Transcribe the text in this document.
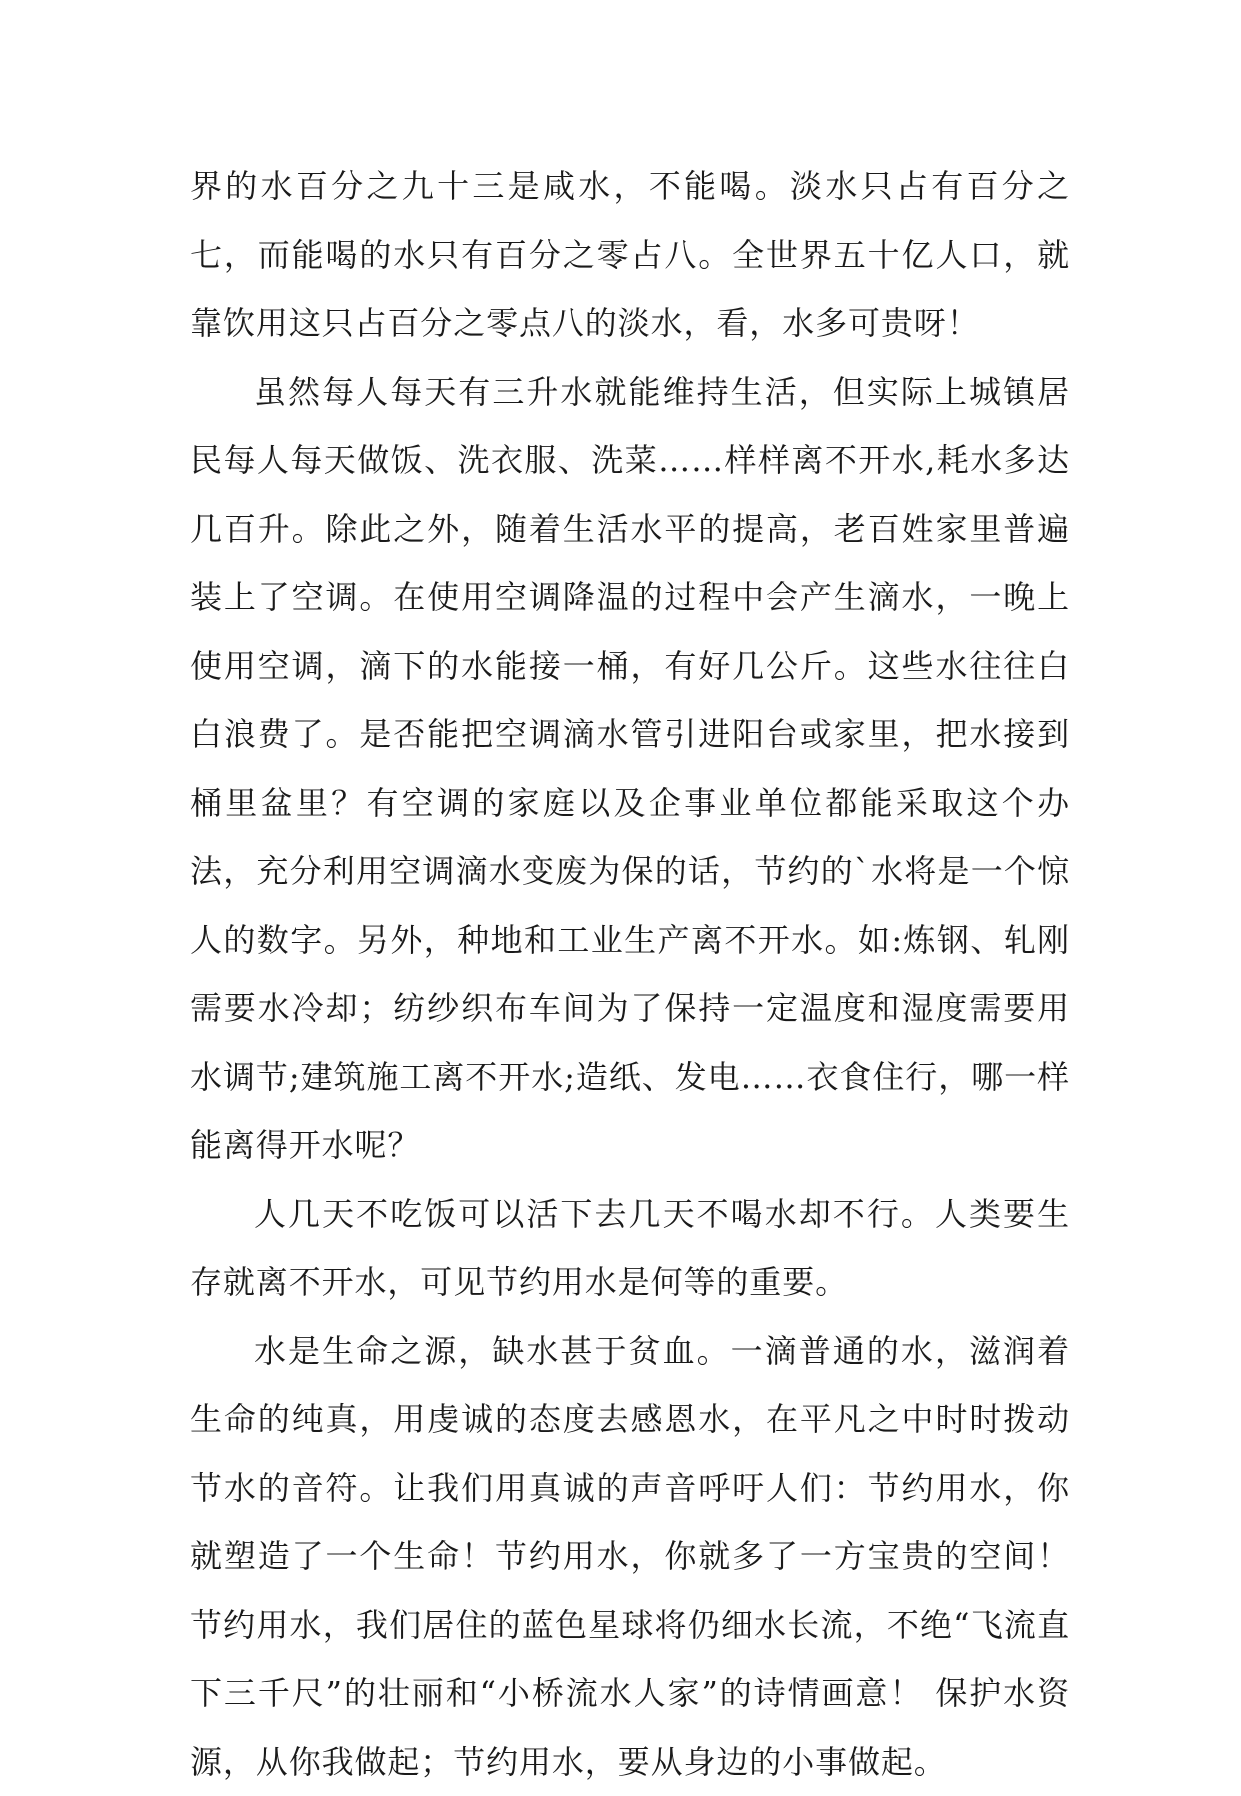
界的水百分之九十三是咸水，不能喝。淡水只占有百分之七，而能喝的水只有百分之零占八。全世界五十亿人口，就靠饮用这只占百分之零点八的淡水，看，水多可贵呀！

虽然每人每天有三升水就能维持生活，但实际上城镇居民每人每天做饭、洗衣服、洗菜……样样离不开水,耗水多达几百升。除此之外，随着生活水平的提高，老百姓家里普遍装上了空调。在使用空调降温的过程中会产生滴水，一晚上使用空调，滴下的水能接一桶，有好几公斤。这些水往往白白浪费了。是否能把空调滴水管引进阳台或家里，把水接到桶里盆里？有空调的家庭以及企事业单位都能采取这个办法，充分利用空调滴水变废为保的话，节约的`水将是一个惊人的数字。另外，种地和工业生产离不开水。如:炼钢、轧刚需要水冷却；纺纱织布车间为了保持一定温度和湿度需要用水调节;建筑施工离不开水;造纸、发电……衣食住行，哪一样能离得开水呢？

人几天不吃饭可以活下去几天不喝水却不行。人类要生存就离不开水，可见节约用水是何等的重要。

水是生命之源，缺水甚于贫血。一滴普通的水，滋润着生命的纯真，用虔诚的态度去感恩水，在平凡之中时时拨动节水的音符。让我们用真诚的声音呼吁人们：节约用水，你就塑造了一个生命！节约用水，你就多了一方宝贵的空间！节约用水，我们居住的蓝色星球将仍细水长流，不绝“飞流直下三千尺”的壮丽和“小桥流水人家”的诗情画意！ 保护水资源，从你我做起；节约用水，要从身边的小事做起。
